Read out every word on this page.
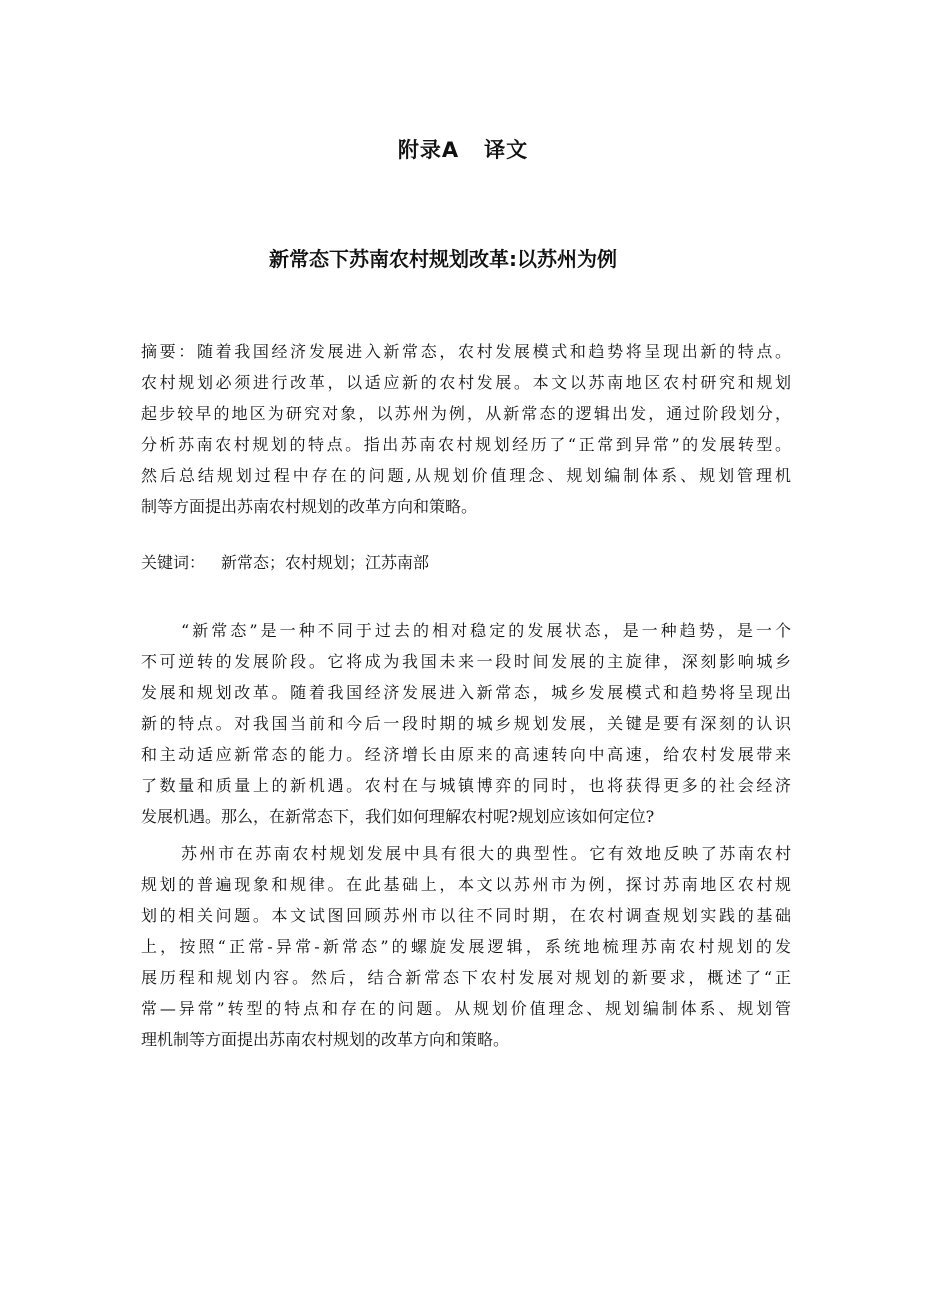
附录A   译文
新常态下苏南农村规划改革:以苏州为例
摘要：随着我国经济发展进入新常态，农村发展模式和趋势将呈现出新的特点。
农村规划必须进行改革，以适应新的农村发展。本文以苏南地区农村研究和规划
起步较早的地区为研究对象，以苏州为例，从新常态的逻辑出发，通过阶段划分，
分析苏南农村规划的特点。指出苏南农村规划经历了“正常到异常”的发展转型。
然后总结规划过程中存在的问题,从规划价值理念、规划编制体系、规划管理机
制等方面提出苏南农村规划的改革方向和策略。
关键词： 新常态；农村规划；江苏南部
“新常态”是一种不同于过去的相对稳定的发展状态，是一种趋势，是一个
不可逆转的发展阶段。它将成为我国未来一段时间发展的主旋律，深刻影响城乡
发展和规划改革。随着我国经济发展进入新常态，城乡发展模式和趋势将呈现出
新的特点。对我国当前和今后一段时期的城乡规划发展，关键是要有深刻的认识
和主动适应新常态的能力。经济增长由原来的高速转向中高速，给农村发展带来
了数量和质量上的新机遇。农村在与城镇博弈的同时，也将获得更多的社会经济
发展机遇。那么，在新常态下，我们如何理解农村呢?规划应该如何定位?
苏州市在苏南农村规划发展中具有很大的典型性。它有效地反映了苏南农村
规划的普遍现象和规律。在此基础上，本文以苏州市为例，探讨苏南地区农村规
划的相关问题。本文试图回顾苏州市以往不同时期，在农村调查规划实践的基础
上，按照“正常-异常-新常态”的螺旋发展逻辑，系统地梳理苏南农村规划的发
展历程和规划内容。然后，结合新常态下农村发展对规划的新要求，概述了“正
常—异常”转型的特点和存在的问题。从规划价值理念、规划编制体系、规划管
理机制等方面提出苏南农村规划的改革方向和策略。
